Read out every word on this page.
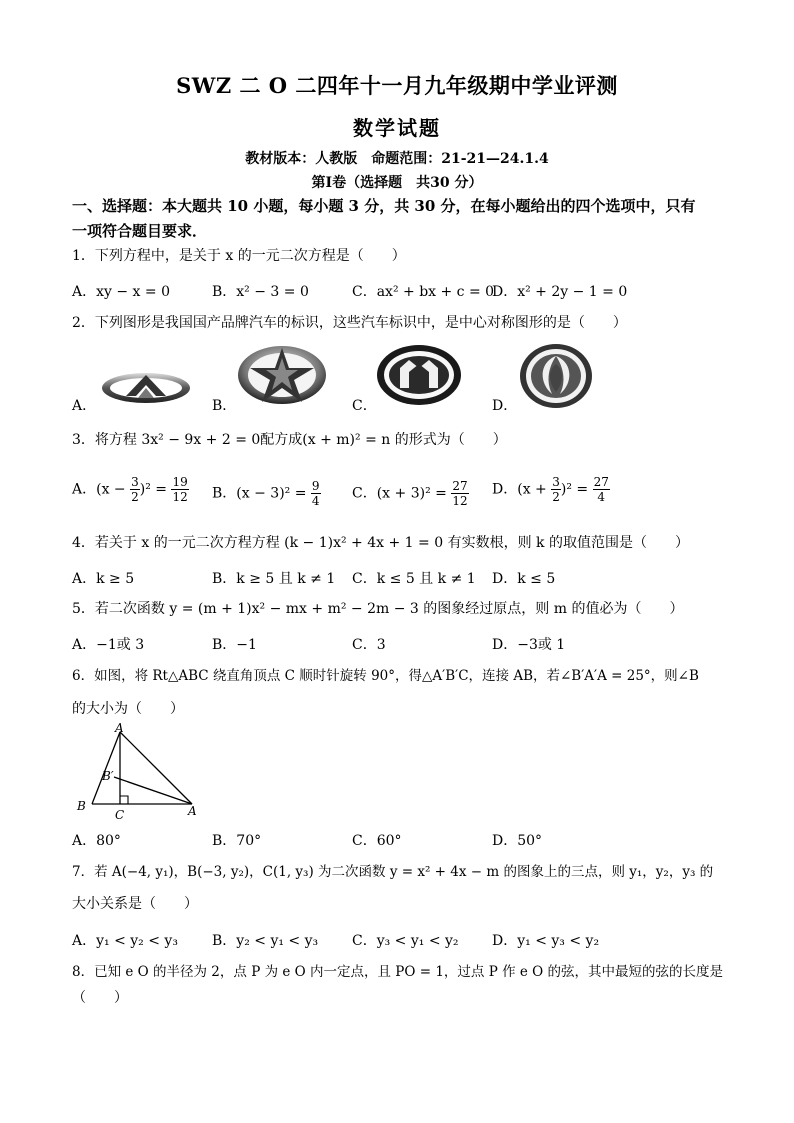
SWZ 二 O 二四年十一月九年级期中学业评测
数学试题
教材版本：人教版　命题范围：21-21—24.1.4
第Ⅰ卷（选择题　共30 分）
一、选择题：本大题共 10 小题，每小题 3 分，共 30 分，在每小题给出的四个选项中，只有
一项符合题目要求．
1．下列方程中，是关于 x 的一元二次方程是（　　）
A．xy − x = 0	B．x² − 3 = 0	C．ax² + bx + c = 0
D．x² + 2y − 1 = 0
2．下列图形是我国国产品牌汽车的标识，这些汽车标识中，是中心对称图形的是（　　）
A．	B．	C．	D．
3．将方程 3x² − 9x + 2 = 0配方成(x + m)² = n 的形式为（　　）
A．$(x - \frac{3}{2} )^2 = \frac{19}{12}$ B．$(x - 3)^2 = \frac{9}{4}$ C．$(x + 3)^2 = \frac{27}{12}$ D．$(x + \frac{3}{2} )^2 = \frac{27}{4}$
4．若关于 x 的一元二次方程方程 (k − 1)x² + 4x + 1 = 0 有实数根，则 k 的取值范围是（　　）
A．k ≥ 5	B．k ≥ 5 且 k ≠ 1 C．k ≤ 5 且 k ≠ 1 D．k ≤ 5
5．若二次函数 y = (m + 1)x² − mx + m² − 2m − 3 的图象经过原点，则 m 的值必为（　　）
A．−1或 3	B．−1	C．3	D．−3或 1
6．如图，将 Rt△ABC 绕直角顶点 C 顺时针旋转 90°，得△A′B′C，连接 AB，若∠B′A′A = 25°，则∠B
的大小为（　　）
A
B′
B
C	A
A．80°	B．70°	C．60°	D．50°
7．若 A(−4, y₁)，B(−3, y₂)，C(1, y₃) 为二次函数 y = x² + 4x − m 的图象上的三点，则 y₁，y₂，y₃ 的
大小关系是（　　）
A．y₁ < y₂ < y₃ B．y₂ < y₁ < y₃ C．y₃ < y₁ < y₂ D．y₁ < y₃ < y₂
8．已知 e O 的半径为 2，点 P 为 e O 内一定点，且 PO = 1，过点 P 作 e O 的弦，其中最短的弦的长度是
（　　）
